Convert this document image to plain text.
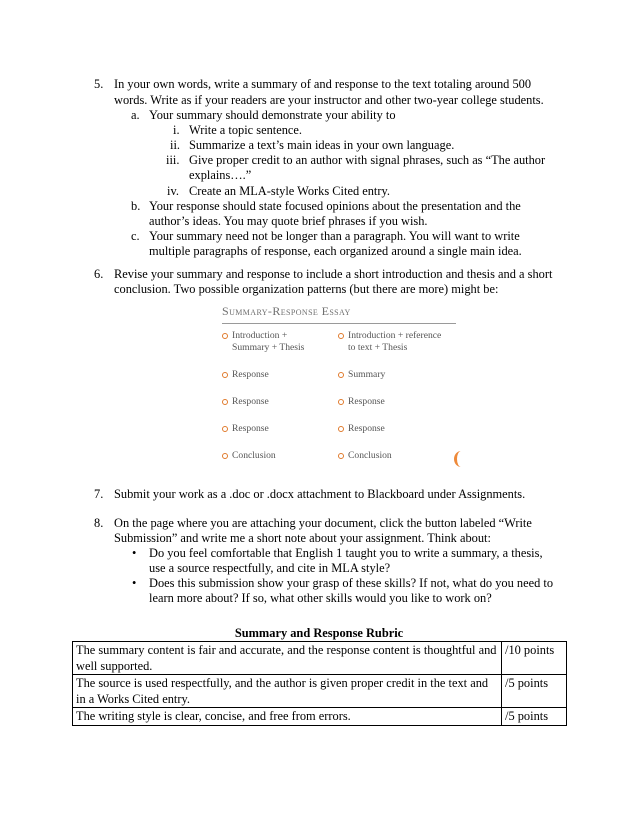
5. In your own words, write a summary of and response to the text totaling around 500
words. Write as if your readers are your instructor and other two-year college students.
a. Your summary should demonstrate your ability to
i. Write a topic sentence.
ii. Summarize a text’s main ideas in your own language.
iii. Give proper credit to an author with signal phrases, such as “The author
explains….”
iv. Create an MLA-style Works Cited entry.
b. Your response should state focused opinions about the presentation and the
author’s ideas. You may quote brief phrases if you wish.
c. Your summary need not be longer than a paragraph. You will want to write
multiple paragraphs of response, each organized around a single main idea.
6. Revise your summary and response to include a short introduction and thesis and a short
conclusion. Two possible organization patterns (but there are more) might be:
Summary-Response Essay
Introduction +
Summary + Thesis
Response
Response
Response
Conclusion
Introduction + reference
to text + Thesis
Summary
Response
Response
Conclusion
7. Submit your work as a .doc or .docx attachment to Blackboard under Assignments.
8. On the page where you are attaching your document, click the button labeled “Write
Submission” and write me a short note about your assignment. Think about:
• Do you feel comfortable that English 1 taught you to write a summary, a thesis,
use a source respectfully, and cite in MLA style?
• Does this submission show your grasp of these skills? If not, what do you need to
learn more about? If so, what other skills would you like to work on?
Summary and Response Rubric
The summary content is fair and accurate, and the response content is thoughtful and well supported.	/10 points
The source is used respectfully, and the author is given proper credit in the text and in a Works Cited entry.	/5 points
The writing style is clear, concise, and free from errors.	/5 points
